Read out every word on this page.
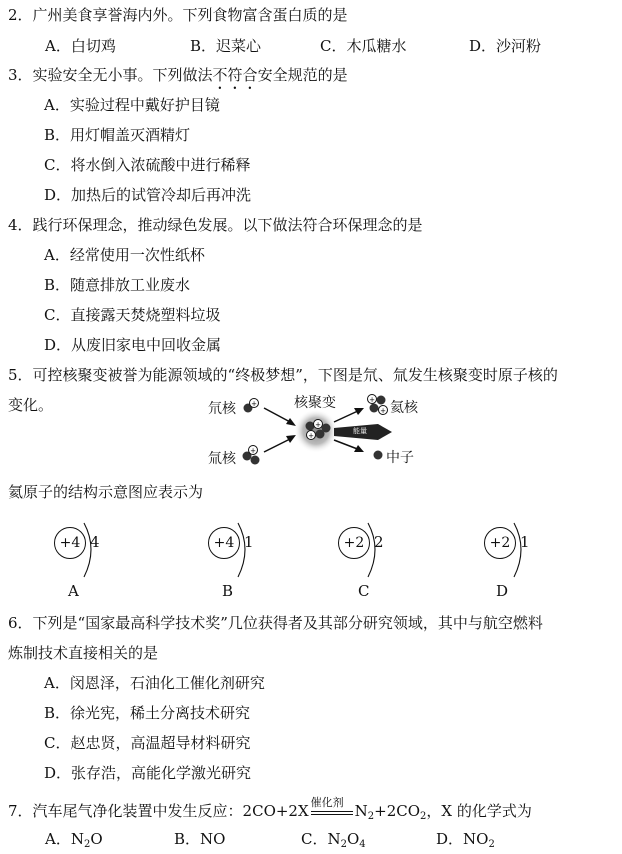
2．广州美食享誉海内外。下列食物富含蛋白质的是
A．白切鸡	B．迟菜心	C．木瓜糖水	D．沙河粉
3．实验安全无小事。下列做法不符合安全规范的是
A．实验过程中戴好护目镜
B．用灯帽盖灭酒精灯
C．将水倒入浓硫酸中进行稀释
D．加热后的试管冷却后再冲洗
4．践行环保理念，推动绿色发展。以下做法符合环保理念的是
A．经常使用一次性纸杯
B．随意排放工业废水
C．直接露天焚烧塑料垃圾
D．从废旧家电中回收金属
5．可控核聚变被誉为能源领域的“终极梦想”，下图是氘、氚发生核聚变时原子核的
变化。	+
+
+
+
+
+
氘核
氚核
核聚变	氦核
能量
中子
氦原子的结构示意图应表示为
+4 4
A
+4 1
B
+2 2
C
+2 1
D
6．下列是“国家最高科学技术奖”几位获得者及其部分研究领域，其中与航空燃料
炼制技术直接相关的是
A．闵恩泽，石油化工催化剂研究
B．徐光宪，稀土分离技术研究
C．赵忠贤，高温超导材料研究
D．张存浩，高能化学激光研究
7．汽车尾气净化装置中发生反应：2CO+2X 催化剂 $N_2+2CO_2$，X 的化学式为
A．$N_2O$	B．NO	C．$N_2O_4$	D．$NO_2$
